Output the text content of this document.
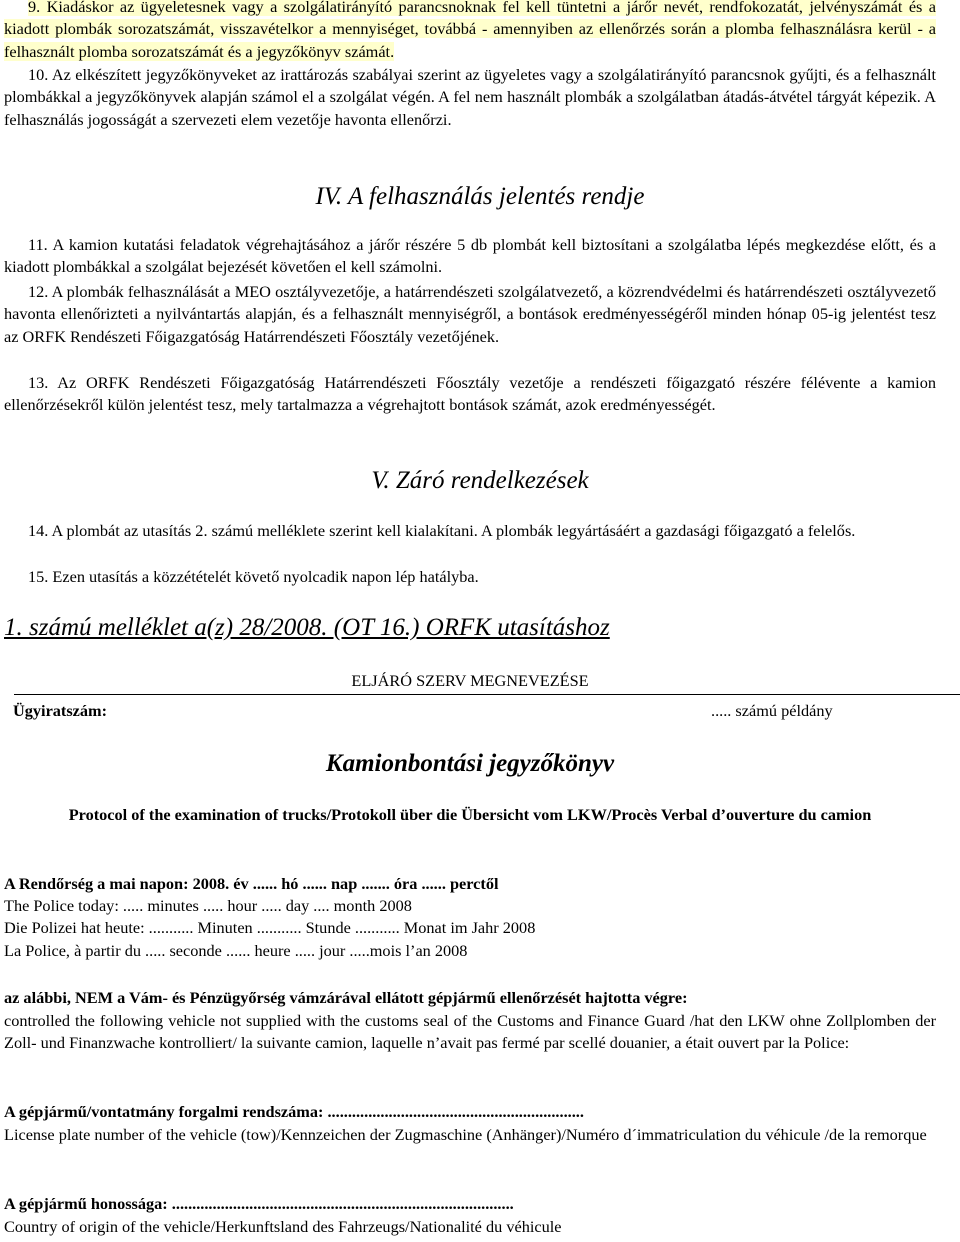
9. Kiadáskor az ügyeletesnek vagy a szolgálatirányító parancsnoknak fel kell tüntetni a járőr nevét, rendfokozatát, jelvényszámát és a kiadott plombák sorozatszámát, visszavételkor a mennyiséget, továbbá - amennyiben az ellenőrzés során a plomba felhasználásra kerül - a felhasznált plomba sorozatszámát és a jegyzőkönyv számát.
10. Az elkészített jegyzőkönyveket az irattározás szabályai szerint az ügyeletes vagy a szolgálatirányító parancsnok gyűjti, és a felhasznált plombákkal a jegyzőkönyvek alapján számol el a szolgálat végén. A fel nem használt plombák a szolgálatban átadás-átvétel tárgyát képezik. A felhasználás jogosságát a szervezeti elem vezetője havonta ellenőrzi.
IV. A felhasználás jelentés rendje
11. A kamion kutatási feladatok végrehajtásához a járőr részére 5 db plombát kell biztosítani a szolgálatba lépés megkezdése előtt, és a kiadott plombákkal a szolgálat bejezését követően el kell számolni.
12. A plombák felhasználását a MEO osztályvezetője, a határrendészeti szolgálatvezető, a közrendvédelmi és határrendészeti osztályvezető havonta ellenőrizteti a nyilvántartás alapján, és a felhasznált mennyiségről, a bontások eredményességéről minden hónap 05-ig jelentést tesz az ORFK Rendészeti Főigazgatóság Határrendészeti Főosztály vezetőjének.
13. Az ORFK Rendészeti Főigazgatóság Határrendészeti Főosztály vezetője a rendészeti főigazgató részére félévente a kamion ellenőrzésekről külön jelentést tesz, mely tartalmazza a végrehajtott bontások számát, azok eredményességét.
V. Záró rendelkezések
14. A plombát az utasítás 2. számú melléklete szerint kell kialakítani. A plombák legyártásáért a gazdasági főigazgató a felelős.
15. Ezen utasítás a közzétételét követő nyolcadik napon lép hatályba.
1. számú melléklet a(z) 28/2008. (OT 16.) ORFK utasításhoz
ELJÁRÓ SZERV MEGNEVEZÉSE
Ügyiratszám:	..... számú példány
Kamionbontási jegyzőkönyv
Protocol of the examination of trucks/Protokoll über die Übersicht vom LKW/Procès Verbal d’ouverture du camion
A Rendőrség a mai napon: 2008. év ...... hó ...... nap ....... óra ...... perctől
The Police today: ..... minutes ..... hour ..... day .... month 2008
Die Polizei hat heute: ........... Minuten ........... Stunde ........... Monat im Jahr 2008
La Police, à partir du ..... seconde ...... heure ..... jour .....mois l’an 2008
az alábbi, NEM a Vám- és Pénzügyőrség vámzárával ellátott gépjármű ellenőrzését hajtotta végre:
controlled the following vehicle not supplied with the customs seal of the Customs and Finance Guard /hat den LKW ohne Zollplomben der Zoll- und Finanzwache kontrolliert/ la suivante camion, laquelle n’avait pas fermé par scellé douanier, a était ouvert par la Police:
A gépjármű/vontatmány forgalmi rendszáma: ...............................................................
License plate number of the vehicle (tow)/Kennzeichen der Zugmaschine (Anhänger)/Numéro d´immatriculation du véhicule /de la remorque
A gépjármű honossága: ....................................................................................
Country of origin of the vehicle/Herkunftsland des Fahrzeugs/Nationalité du véhicule
